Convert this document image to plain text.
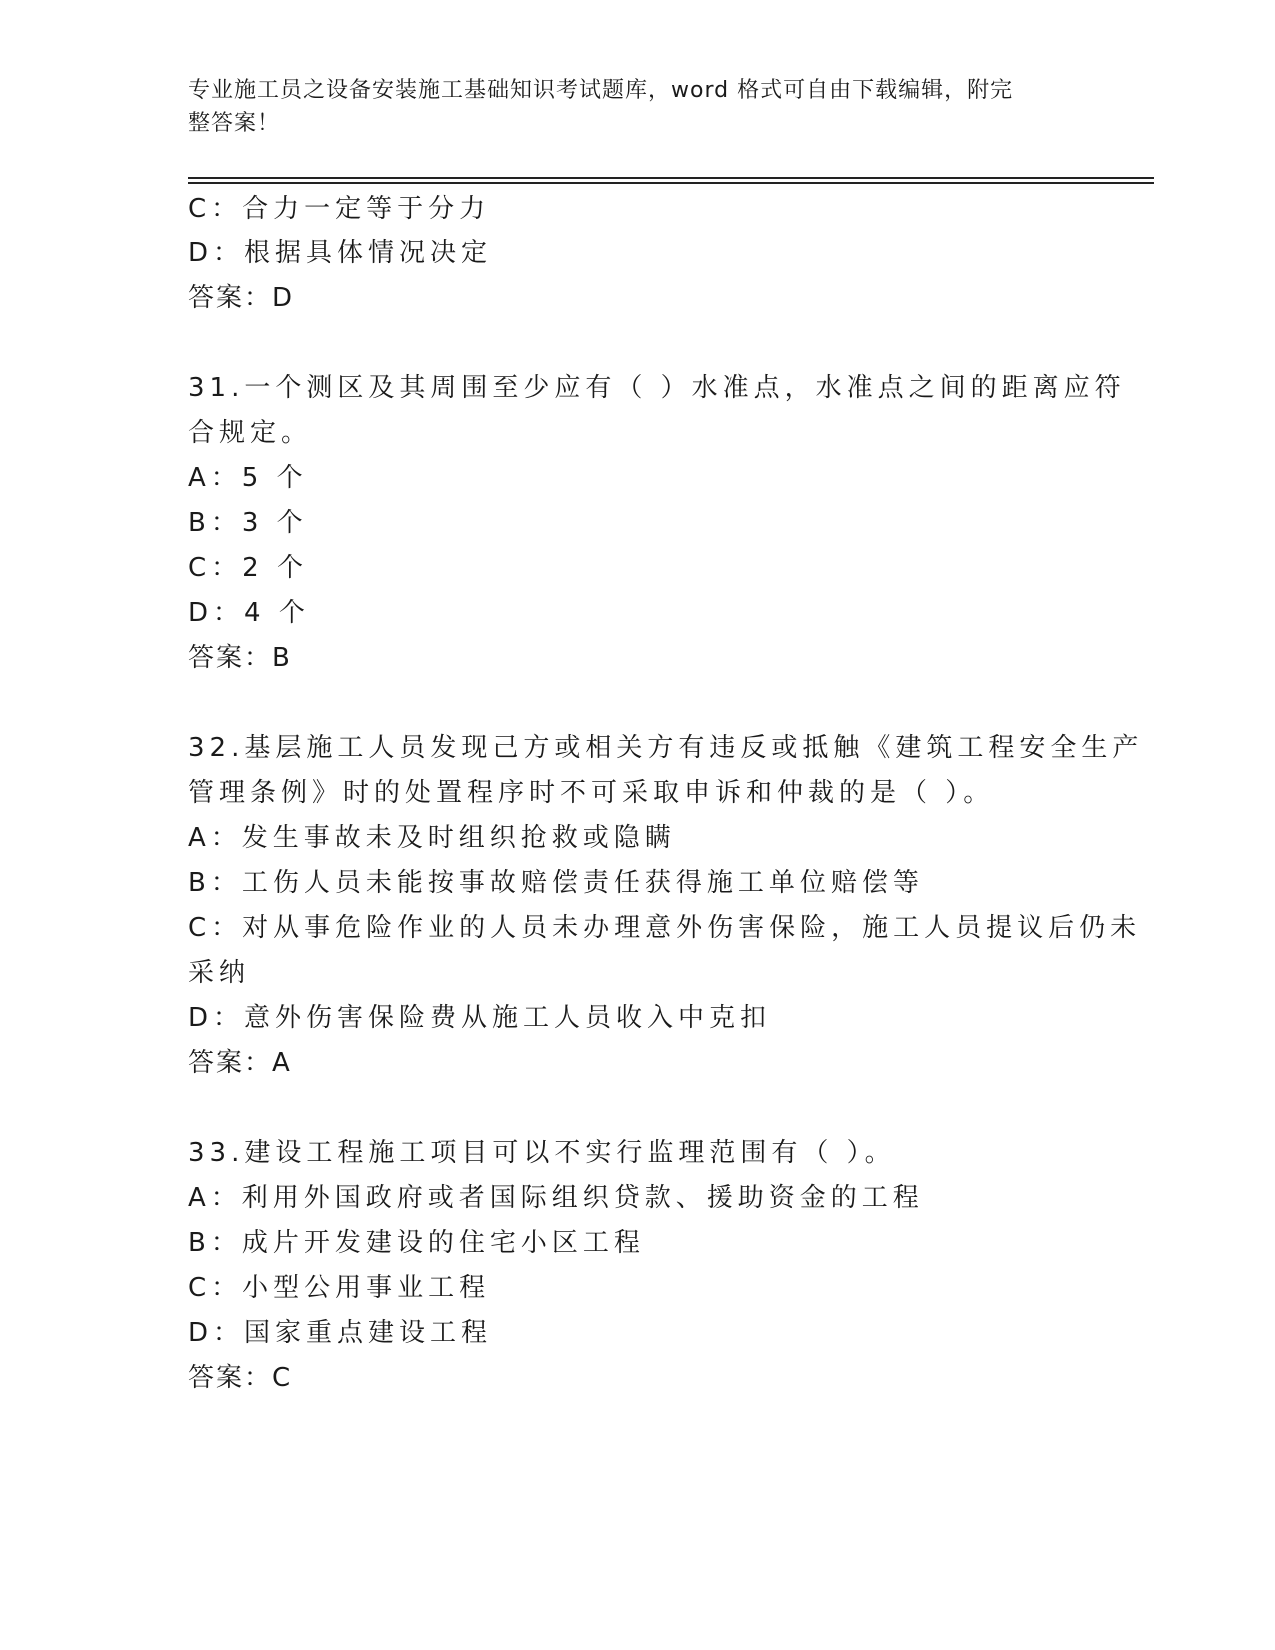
专业施工员之设备安装施工基础知识考试题库，word 格式可自由下载编辑，附完
整答案！
C：合力一定等于分力
D：根据具体情况决定
答案：D
31.一个测区及其周围至少应有（ ）水准点，水准点之间的距离应符
合规定。
A：5 个
B：3 个
C：2 个
D：4 个
答案：B
32.基层施工人员发现己方或相关方有违反或抵触《建筑工程安全生产
管理条例》时的处置程序时不可采取申诉和仲裁的是（ ）。
A：发生事故未及时组织抢救或隐瞒
B：工伤人员未能按事故赔偿责任获得施工单位赔偿等
C：对从事危险作业的人员未办理意外伤害保险，施工人员提议后仍未
采纳
D：意外伤害保险费从施工人员收入中克扣
答案：A
33.建设工程施工项目可以不实行监理范围有（ ）。
A：利用外国政府或者国际组织贷款、援助资金的工程
B：成片开发建设的住宅小区工程
C：小型公用事业工程
D：国家重点建设工程
答案：C
